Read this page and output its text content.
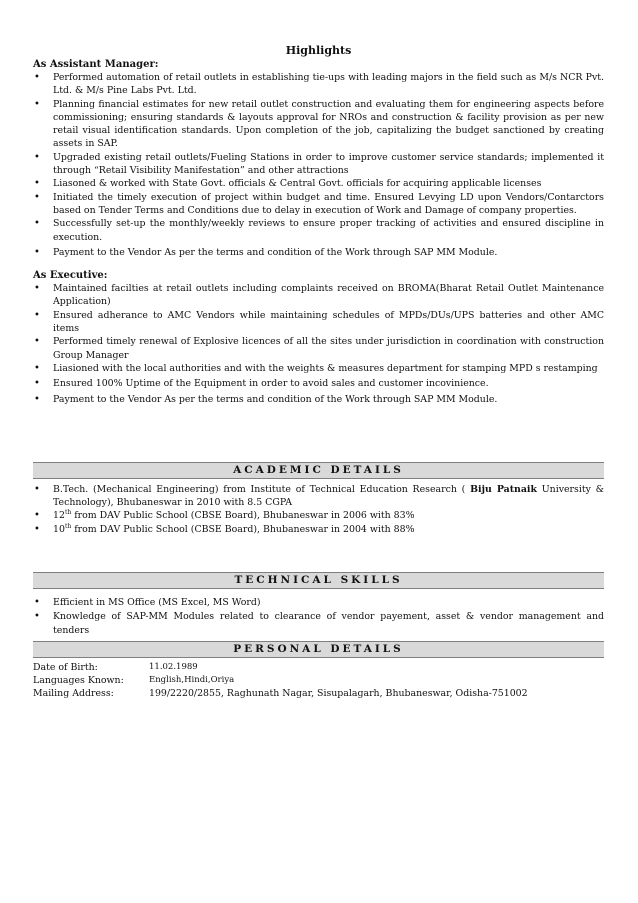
Highlights

As Assistant Manager:

• Performed automation of retail outlets in establishing tie-ups with leading majors in the field such as M/s NCR Pvt. Ltd. & M/s Pine Labs Pvt. Ltd.
• Planning financial estimates for new retail outlet construction and evaluating them for engineering aspects before commissioning; ensuring standards & layouts approval for NROs and construction & facility provision as per new retail visual identification standards. Upon completion of the job, capitalizing the budget sanctioned by creating assets in SAP.
• Upgraded existing retail outlets/Fueling Stations in order to improve customer service standards; implemented it through “Retail Visibility Manifestation” and other attractions
• Liasoned & worked with State Govt. officials & Central Govt. officials for acquiring applicable licenses
• Initiated the timely execution of project within budget and time. Ensured Levying LD upon Vendors/Contarctors based on Tender Terms and Conditions due to delay in execution of Work and Damage of company properties.
• Successfully set-up the monthly/weekly reviews to ensure proper tracking of activities and ensured discipline in execution.
• Payment to the Vendor As per the terms and condition of the Work through SAP MM Module.

As Executive:

• Maintained facilties at retail outlets including complaints received on BROMA(Bharat Retail Outlet Maintenance Application)
• Ensured adherance to AMC Vendors while maintaining schedules of MPDs/DUs/UPS batteries and other AMC items
• Performed timely renewal of Explosive licences of all the sites under jurisdiction in coordination with construction Group Manager
• Liasioned with the local authorities and with the weights & measures department for stamping MPD s restamping
• Ensured 100% Uptime of the Equipment in order to avoid sales and customer incovinience.
• Payment to the Vendor As per the terms and condition of the Work through SAP MM Module.
ACADEMIC DETAILS
• B.Tech. (Mechanical Engineering) from Institute of Technical Education Research ( Biju Patnaik University & Technology), Bhubaneswar in 2010 with 8.5 CGPA
• 12th from DAV Public School (CBSE Board), Bhubaneswar in 2006 with 83%
• 10th from DAV Public School (CBSE Board), Bhubaneswar in 2004 with 88%
TECHNICAL SKILLS
• Efficient in MS Office (MS Excel, MS Word)
• Knowledge of SAP-MM Modules related to clearance of vendor payement, asset & vendor management and tenders
PERSONAL DETAILS
Date of Birth:	11.02.1989
Languages Known:	English,Hindi,Oriya
Mailing Address:	199/2220/2855, Raghunath Nagar, Sisupalagarh, Bhubaneswar, Odisha-751002
